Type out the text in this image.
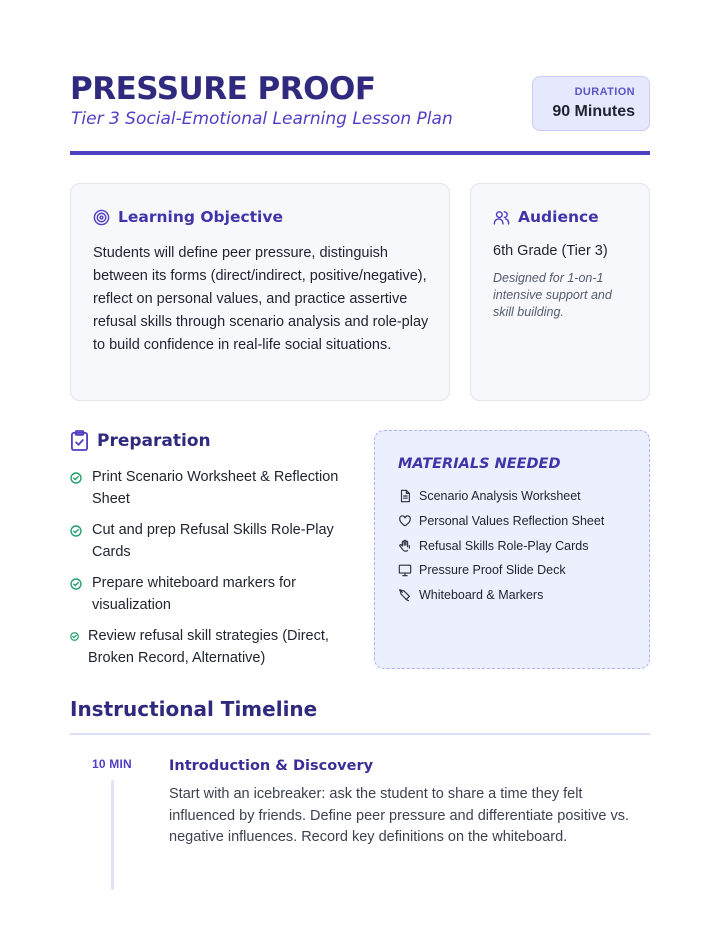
PRESSURE PROOF
Tier 3 Social-Emotional Learning Lesson Plan
DURATION
90 Minutes
Learning Objective

Students will define peer pressure, distinguish between its forms (direct/indirect, positive/negative), reflect on personal values, and practice assertive refusal skills through scenario analysis and role-play to build confidence in real-life social situations.

Audience
6th Grade (Tier 3)
Designed for 1-on-1 intensive support and skill building.
Preparation
Print Scenario Worksheet & Reflection Sheet
Cut and prep Refusal Skills Role-Play Cards
Prepare whiteboard markers for visualization
Review refusal skill strategies (Direct, Broken Record, Alternative)
MATERIALS NEEDED
Scenario Analysis Worksheet
Personal Values Reflection Sheet
Refusal Skills Role-Play Cards
Pressure Proof Slide Deck
Whiteboard & Markers
Instructional Timeline
10 MIN	Introduction & Discovery

Start with an icebreaker: ask the student to share a time they felt influenced by friends. Define peer pressure and differentiate positive vs. negative influences. Record key definitions on the whiteboard.
